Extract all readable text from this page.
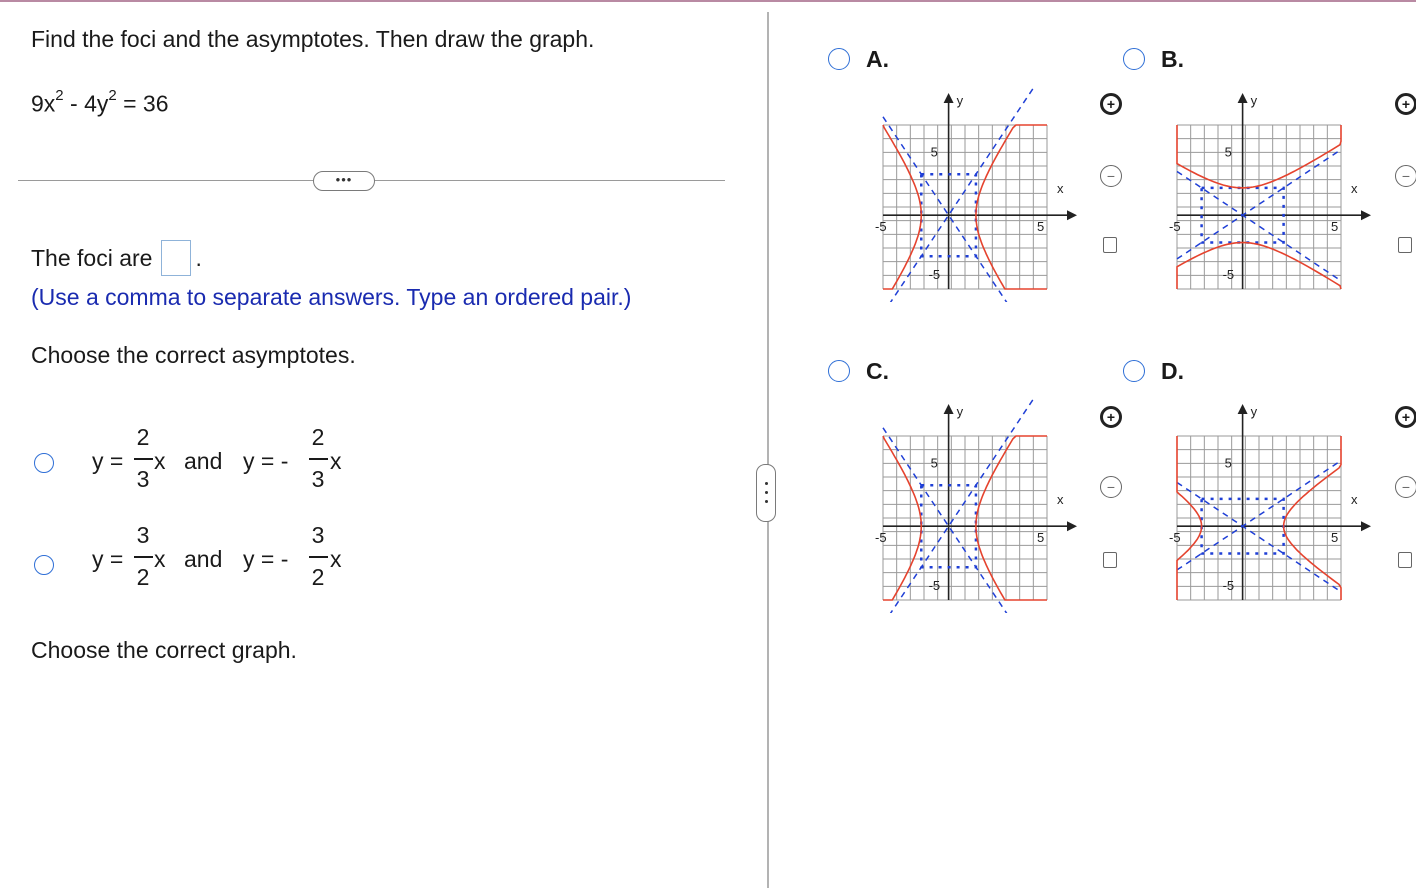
Find the foci and the asymptotes. Then draw the graph.
$9x^2 - 4y^2 = 36$
•••
The foci are .
(Use a comma to separate answers. Type an ordered pair.)
Choose the correct asymptotes.
y =
2
3
x and y = -
2
3
x
y =
3
2
x and y = -
3
2
x
Choose the correct graph.
A.
y
x
5
-5
-5	5
+
−
B.
y
x
5
-5
-5	5
+
−
C.
y
x
5
-5
-5	5
+
−
D.
y
x
5
-5
-5	5
+
−
